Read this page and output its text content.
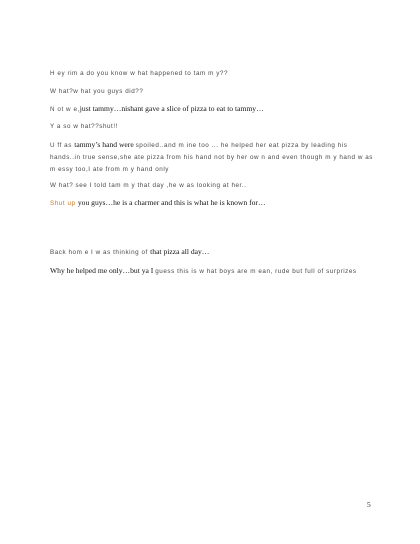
H ey rim a do you know w hat happened to tam m y??

W hat?w hat you guys did??

N ot w e,just tammy…nishant gave a slice of pizza to eat to tammy…

Y a so w hat??shut!!

U ff as tammy’s hand were spoiled..and m ine too ... he helped her eat pizza by leading his hands..in true sense,she ate pizza from his hand not by her ow n and even though m y hand w as m essy too,I ate from m y hand only

W hat? see I told tam m y that day ,he w as looking at her..

Shut up you guys…he is a charmer and this is what he is known for…

Back hom e I w as thinking of that pizza all day…

Why he helped me only…but ya I guess this is w hat boys are m ean, rude but full of surprizes

5
